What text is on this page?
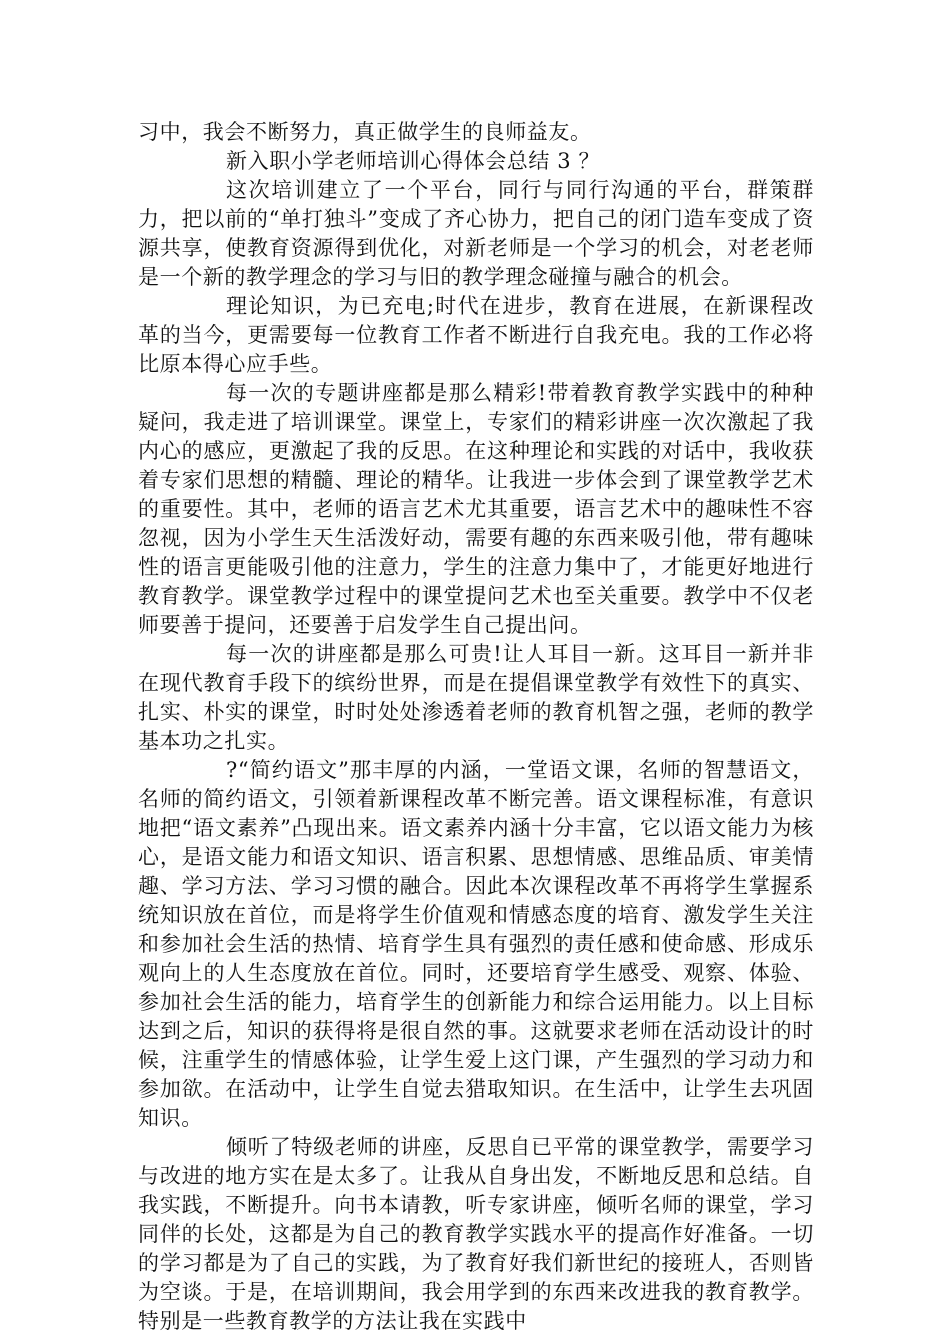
习中，我会不断努力，真正做学生的良师益友。

新入职小学老师培训心得体会总结 3 ？

这次培训建立了一个平台，同行与同行沟通的平台，群策群力，把以前的“单打独斗”变成了齐心协力，把自己的闭门造车变成了资源共享，使教育资源得到优化，对新老师是一个学习的机会，对老老师是一个新的教学理念的学习与旧的教学理念碰撞与融合的机会。

理论知识，为已充电;时代在进步，教育在进展，在新课程改革的当今，更需要每一位教育工作者不断进行自我充电。我的工作必将比原本得心应手些。

每一次的专题讲座都是那么精彩!带着教育教学实践中的种种疑问，我走进了培训课堂。课堂上，专家们的精彩讲座一次次激起了我内心的感应，更激起了我的反思。在这种理论和实践的对话中，我收获着专家们思想的精髓、理论的精华。让我进一步体会到了课堂教学艺术的重要性。其中，老师的语言艺术尤其重要，语言艺术中的趣味性不容忽视，因为小学生天生活泼好动，需要有趣的东西来吸引他，带有趣味性的语言更能吸引他的注意力，学生的注意力集中了，才能更好地进行教育教学。课堂教学过程中的课堂提问艺术也至关重要。教学中不仅老师要善于提问，还要善于启发学生自己提出问。

每一次的讲座都是那么可贵!让人耳目一新。这耳目一新并非在现代教育手段下的缤纷世界，而是在提倡课堂教学有效性下的真实、扎实、朴实的课堂，时时处处渗透着老师的教育机智之强，老师的教学基本功之扎实。

?“简约语文”那丰厚的内涵，一堂语文课，名师的智慧语文，名师的简约语文，引领着新课程改革不断完善。语文课程标准，有意识地把“语文素养”凸现出来。语文素养内涵十分丰富，它以语文能力为核心，是语文能力和语文知识、语言积累、思想情感、思维品质、审美情趣、学习方法、学习习惯的融合。因此本次课程改革不再将学生掌握系统知识放在首位，而是将学生价值观和情感态度的培育、激发学生关注和参加社会生活的热情、培育学生具有强烈的责任感和使命感、形成乐观向上的人生态度放在首位。同时，还要培育学生感受、观察、体验、参加社会生活的能力，培育学生的创新能力和综合运用能力。以上目标达到之后，知识的获得将是很自然的事。这就要求老师在活动设计的时候，注重学生的情感体验，让学生爱上这门课，产生强烈的学习动力和参加欲。在活动中，让学生自觉去猎取知识。在生活中，让学生去巩固知识。

倾听了特级老师的讲座，反思自已平常的课堂教学，需要学习与改进的地方实在是太多了。让我从自身出发，不断地反思和总结。自我实践，不断提升。向书本请教，听专家讲座，倾听名师的课堂，学习同伴的长处，这都是为自己的教育教学实践水平的提高作好准备。一切的学习都是为了自己的实践，为了教育好我们新世纪的接班人，否则皆为空谈。于是，在培训期间，我会用学到的东西来改进我的教育教学。特别是一些教育教学的方法让我在实践中
